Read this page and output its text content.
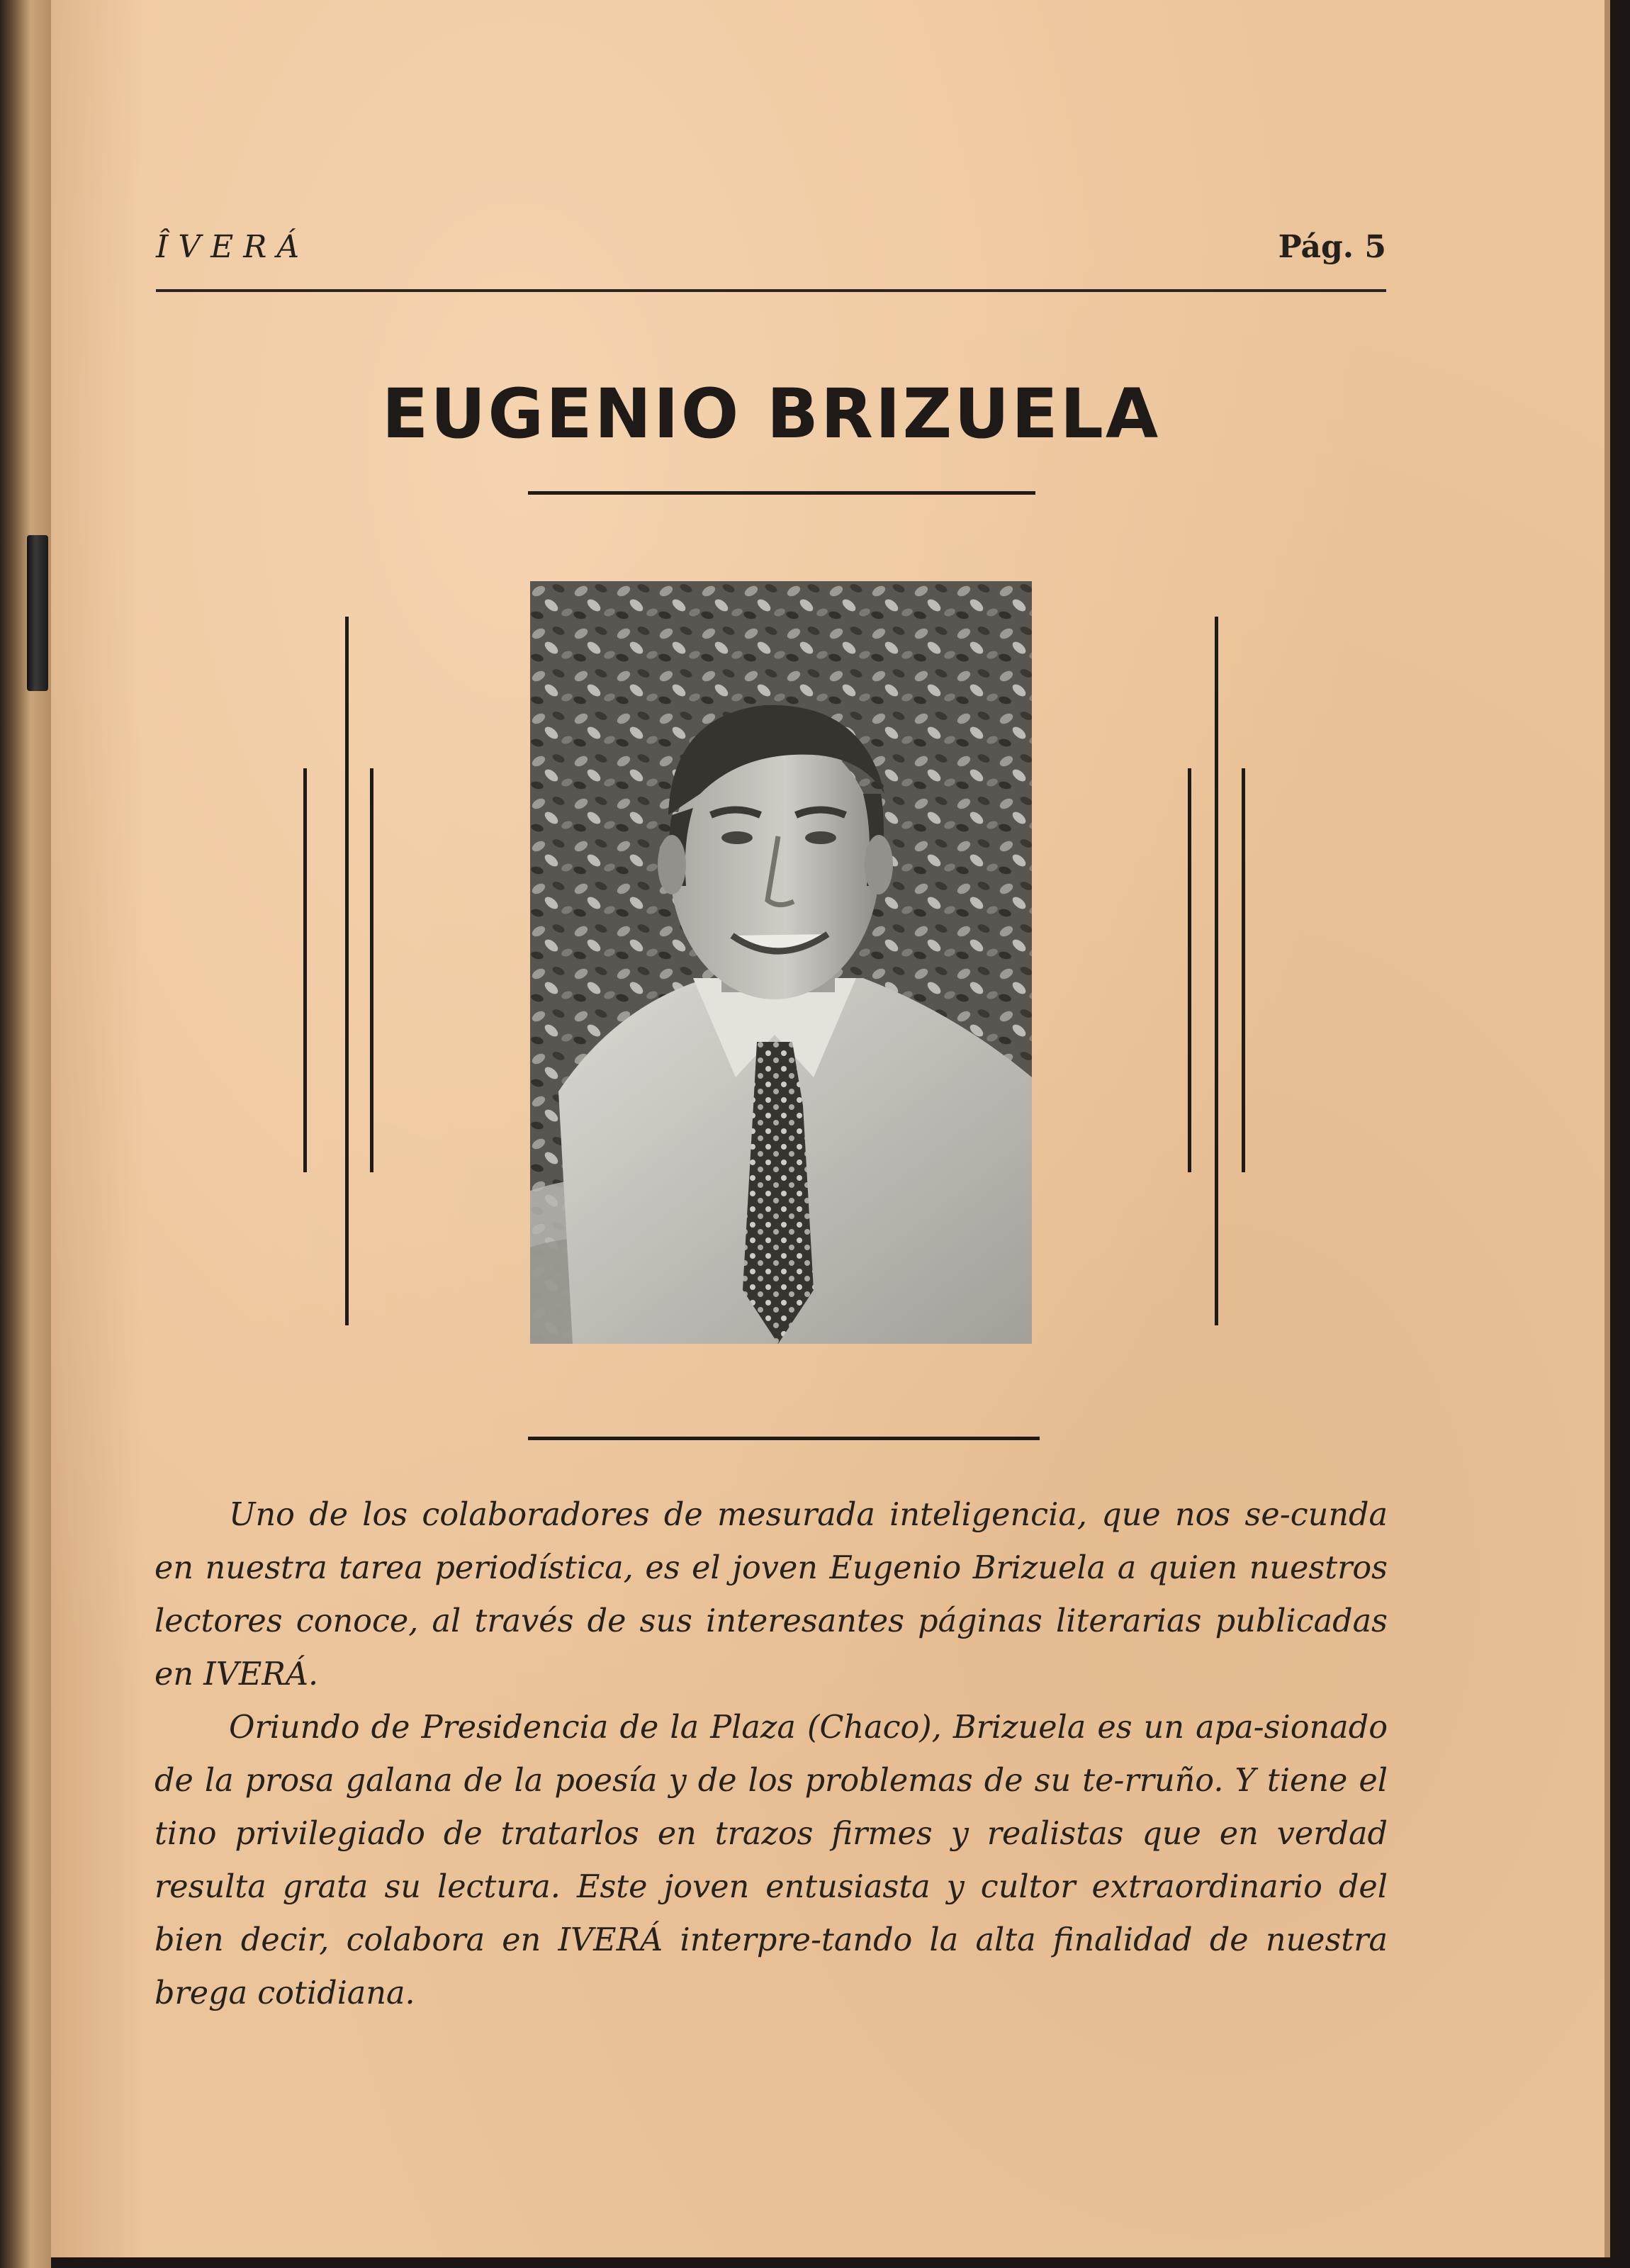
ÎVERÁ	Pág. 5
EUGENIO BRIZUELA

Uno de los colaboradores de mesurada inteligencia, que nos se-cunda en nuestra tarea periodística, es el joven Eugenio Brizuela a quien nuestros lectores conoce, al través de sus interesantes páginas literarias publicadas en IVERÁ.

Oriundo de Presidencia de la Plaza (Chaco), Brizuela es un apa-sionado de la prosa galana de la poesía y de los problemas de su te-rruño. Y tiene el tino privilegiado de tratarlos en trazos firmes y realistas que en verdad resulta grata su lectura. Este joven entusiasta y cultor extraordinario del bien decir, colabora en IVERÁ interpre-tando la alta finalidad de nuestra brega cotidiana.
